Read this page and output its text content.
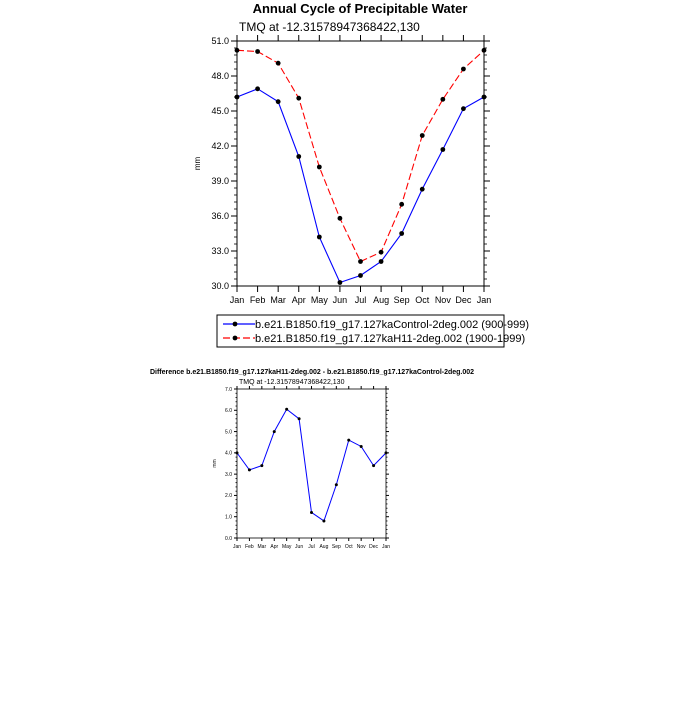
Annual Cycle of Precipitable Water
TMQ at -12.31578947368422,130
30.0
33.0
36.0
39.0
42.0
45.0
48.0
51.0
Jan Feb Mar Apr May Jun Jul Aug Sep Oct Nov Dec Jan
mm
b.e21.B1850.f19_g17.127kaControl-2deg.002 (900-999)
b.e21.B1850.f19_g17.127kaH11-2deg.002 (1900-1999)
Difference b.e21.B1850.f19_g17.127kaH11-2deg.002 - b.e21.B1850.f19_g17.127kaControl-2deg.002
TMQ at -12.31578947368422,130
0.0
1.0
2.0
3.0
4.0
5.0
6.0
7.0
Jan Feb Mar Apr May Jun Jul Aug Sep Oct Nov Dec Jan
mm
